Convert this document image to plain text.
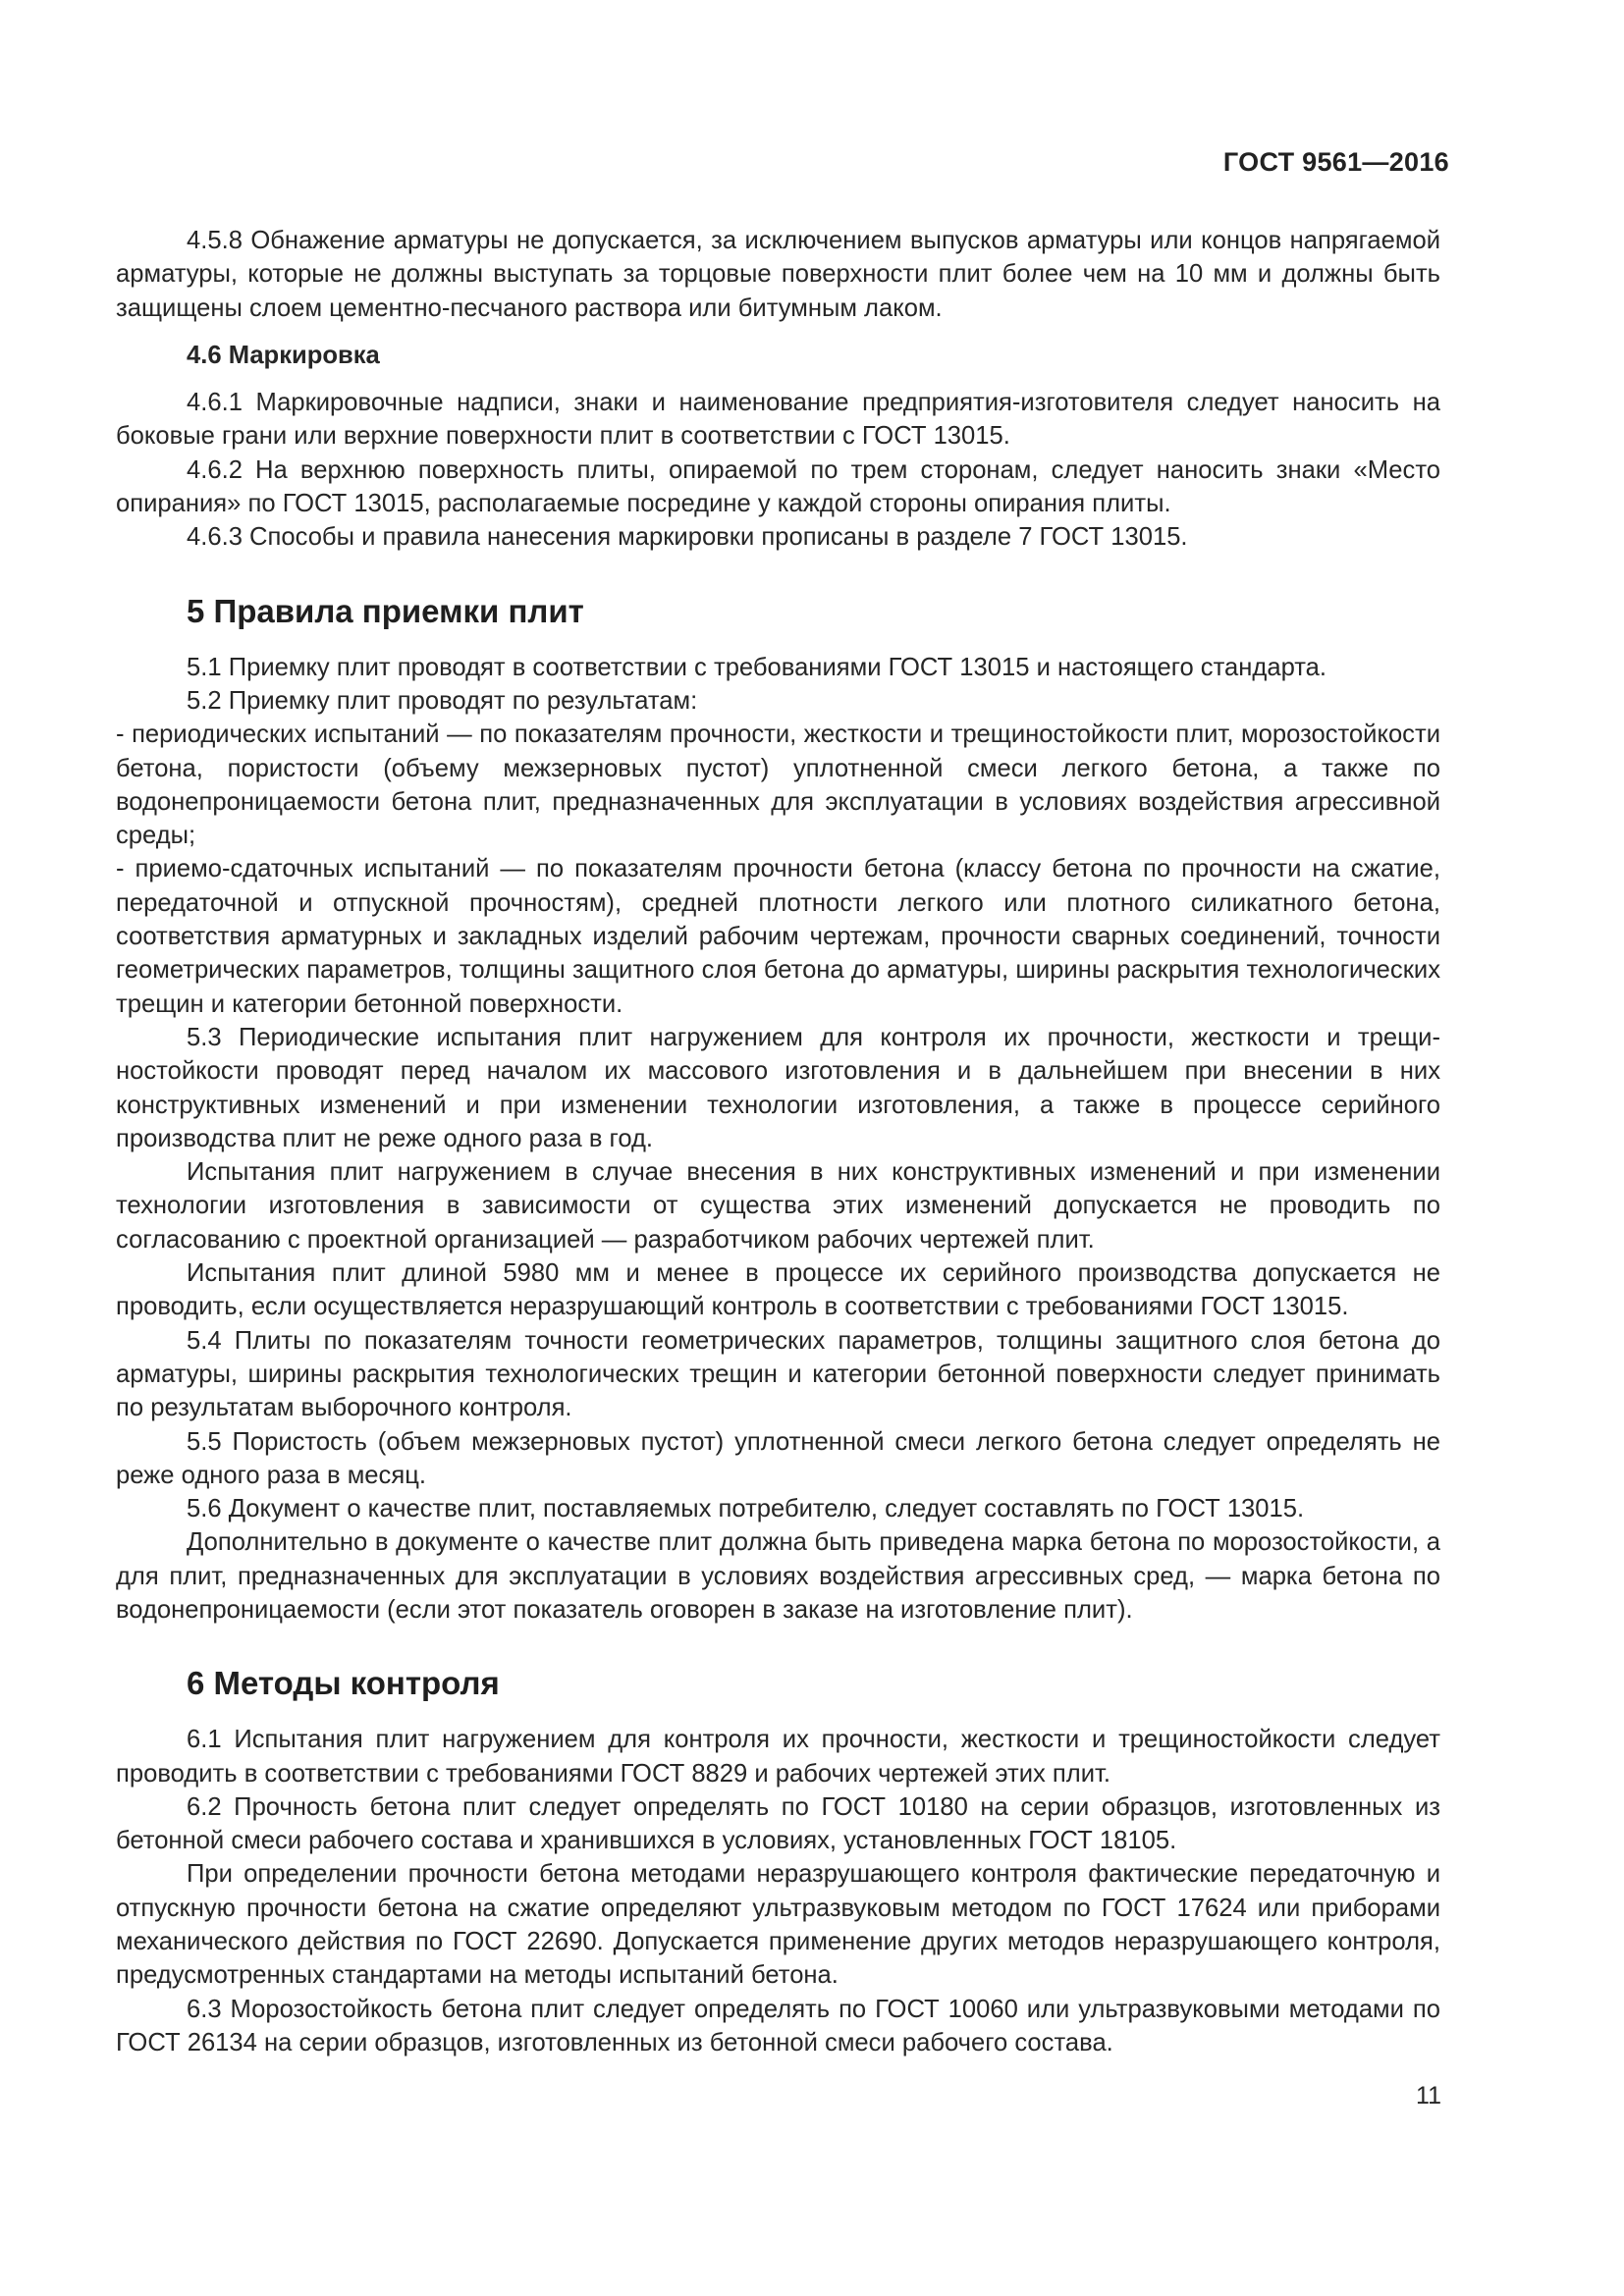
ГОСТ 9561—2016

4.5.8 Обнажение арматуры не допускается, за исключением выпусков арматуры или концов напрягаемой арматуры, которые не должны выступать за торцовые поверхности плит более чем на 10 мм и должны быть защищены слоем цементно-песчаного раствора или битумным лаком.

4.6 Маркировка

4.6.1 Маркировочные надписи, знаки и наименование предприятия-изготовителя следует наносить на боковые грани или верхние поверхности плит в соответствии с ГОСТ 13015.

4.6.2 На верхнюю поверхность плиты, опираемой по трем сторонам, следует наносить знаки «Место опирания» по ГОСТ 13015, располагаемые посредине у каждой стороны опирания плиты.

4.6.3 Способы и правила нанесения маркировки прописаны в разделе 7 ГОСТ 13015.

5 Правила приемки плит

5.1 Приемку плит проводят в соответствии с требованиями ГОСТ 13015 и настоящего стандарта.

5.2 Приемку плит проводят по результатам:

- периодических испытаний — по показателям прочности, жесткости и трещиностойкости плит, морозостойкости бетона, пористости (объему межзерновых пустот) уплотненной смеси легкого бетона, а также по водонепроницаемости бетона плит, предназначенных для эксплуатации в условиях воздействия агрессивной среды;

- приемо-сдаточных испытаний — по показателям прочности бетона (классу бетона по прочности на сжатие, передаточной и отпускной прочностям), средней плотности легкого или плотного силикатного бетона, соответствия арматурных и закладных изделий рабочим чертежам, прочности сварных соединений, точности геометрических параметров, толщины защитного слоя бетона до арматуры, ширины раскрытия технологических трещин и категории бетонной поверхности.

5.3 Периодические испытания плит нагружением для контроля их прочности, жесткости и трещиностойкости проводят перед началом их массового изготовления и в дальнейшем при внесении в них конструктивных изменений и при изменении технологии изготовления, а также в процессе серийного производства плит не реже одного раза в год.

Испытания плит нагружением в случае внесения в них конструктивных изменений и при изменении технологии изготовления в зависимости от существа этих изменений допускается не проводить по согласованию с проектной организацией — разработчиком рабочих чертежей плит.

Испытания плит длиной 5980 мм и менее в процессе их серийного производства допускается не проводить, если осуществляется неразрушающий контроль в соответствии с требованиями ГОСТ 13015.

5.4 Плиты по показателям точности геометрических параметров, толщины защитного слоя бетона до арматуры, ширины раскрытия технологических трещин и категории бетонной поверхности следует принимать по результатам выборочного контроля.

5.5 Пористость (объем межзерновых пустот) уплотненной смеси легкого бетона следует определять не реже одного раза в месяц.

5.6 Документ о качестве плит, поставляемых потребителю, следует составлять по ГОСТ 13015.

Дополнительно в документе о качестве плит должна быть приведена марка бетона по морозостойкости, а для плит, предназначенных для эксплуатации в условиях воздействия агрессивных сред, — марка бетона по водонепроницаемости (если этот показатель оговорен в заказе на изготовление плит).

6 Методы контроля

6.1 Испытания плит нагружением для контроля их прочности, жесткости и трещиностойкости следует проводить в соответствии с требованиями ГОСТ 8829 и рабочих чертежей этих плит.

6.2 Прочность бетона плит следует определять по ГОСТ 10180 на серии образцов, изготовленных из бетонной смеси рабочего состава и хранившихся в условиях, установленных ГОСТ 18105.

При определении прочности бетона методами неразрушающего контроля фактические передаточную и отпускную прочности бетона на сжатие определяют ультразвуковым методом по ГОСТ 17624 или приборами механического действия по ГОСТ 22690. Допускается применение других методов неразрушающего контроля, предусмотренных стандартами на методы испытаний бетона.

6.3 Морозостойкость бетона плит следует определять по ГОСТ 10060 или ультразвуковыми методами по ГОСТ 26134 на серии образцов, изготовленных из бетонной смеси рабочего состава.

11
